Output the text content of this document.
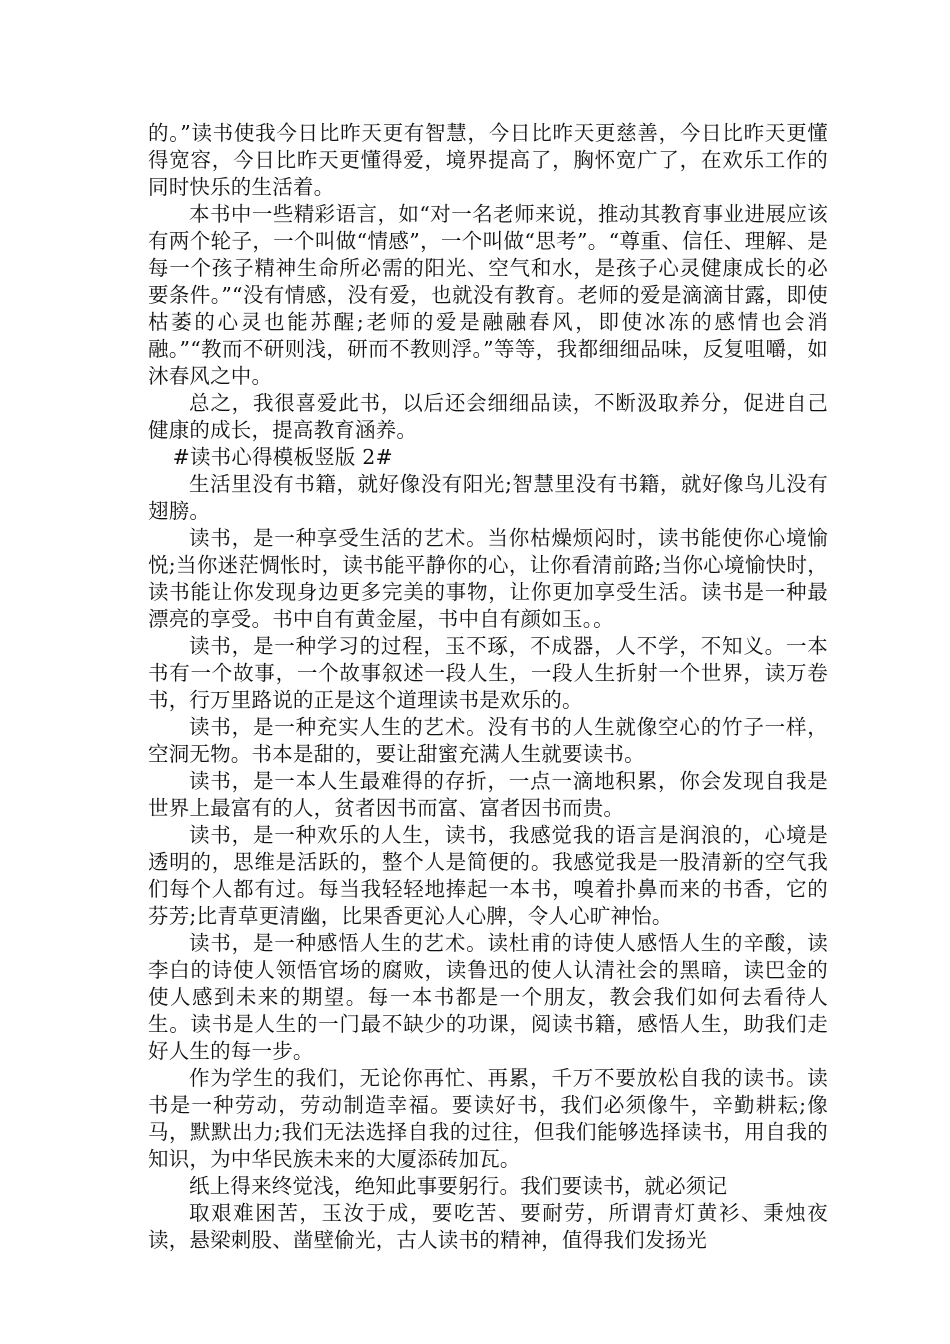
的。”读书使我今日比昨天更有智慧，今日比昨天更慈善，今日比昨天更懂得宽容，今日比昨天更懂得爱，境界提高了，胸怀宽广了，在欢乐工作的同时快乐的生活着。

本书中一些精彩语言，如“对一名老师来说，推动其教育事业进展应该有两个轮子，一个叫做“情感”，一个叫做“思考”。“尊重、信任、理解、是每一个孩子精神生命所必需的阳光、空气和水，是孩子心灵健康成长的必要条件。”“没有情感，没有爱，也就没有教育。老师的爱是滴滴甘露，即使枯萎的心灵也能苏醒;老师的爱是融融春风，即使冰冻的感情也会消融。”“教而不研则浅，研而不教则浮。”等等，我都细细品味，反复咀嚼，如沐春风之中。

总之，我很喜爱此书，以后还会细细品读，不断汲取养分，促进自己健康的成长，提高教育涵养。

#读书心得模板竖版 2#

生活里没有书籍，就好像没有阳光;智慧里没有书籍，就好像鸟儿没有翅膀。

读书，是一种享受生活的艺术。当你枯燥烦闷时，读书能使你心境愉悦;当你迷茫惆怅时，读书能平静你的心，让你看清前路;当你心境愉快时，读书能让你发现身边更多完美的事物，让你更加享受生活。读书是一种最漂亮的享受。书中自有黄金屋，书中自有颜如玉。。

读书，是一种学习的过程，玉不琢，不成器，人不学，不知义。一本书有一个故事，一个故事叙述一段人生，一段人生折射一个世界，读万卷书，行万里路说的正是这个道理读书是欢乐的。

读书，是一种充实人生的艺术。没有书的人生就像空心的竹子一样，空洞无物。书本是甜的，要让甜蜜充满人生就要读书。

读书，是一本人生最难得的存折，一点一滴地积累，你会发现自我是世界上最富有的人，贫者因书而富、富者因书而贵。

读书，是一种欢乐的人生，读书，我感觉我的语言是润浪的，心境是透明的，思维是活跃的，整个人是简便的。我感觉我是一股清新的空气我们每个人都有过。每当我轻轻地捧起一本书，嗅着扑鼻而来的书香，它的芬芳;比青草更清幽，比果香更沁人心脾，令人心旷神怡。

读书，是一种感悟人生的艺术。读杜甫的诗使人感悟人生的辛酸，读李白的诗使人领悟官场的腐败，读鲁迅的使人认清社会的黑暗，读巴金的使人感到未来的期望。每一本书都是一个朋友，教会我们如何去看待人生。读书是人生的一门最不缺少的功课，阅读书籍，感悟人生，助我们走好人生的每一步。

作为学生的我们，无论你再忙、再累，千万不要放松自我的读书。读书是一种劳动，劳动制造幸福。要读好书，我们必须像牛，辛勤耕耘;像马，默默出力;我们无法选择自我的过往，但我们能够选择读书，用自我的知识，为中华民族未来的大厦添砖加瓦。

纸上得来终觉浅，绝知此事要躬行。我们要读书，就必须记

取艰难困苦，玉汝于成，要吃苦、要耐劳，所谓青灯黄衫、秉烛夜读，悬梁刺股、凿壁偷光，古人读书的精神，值得我们发扬光
